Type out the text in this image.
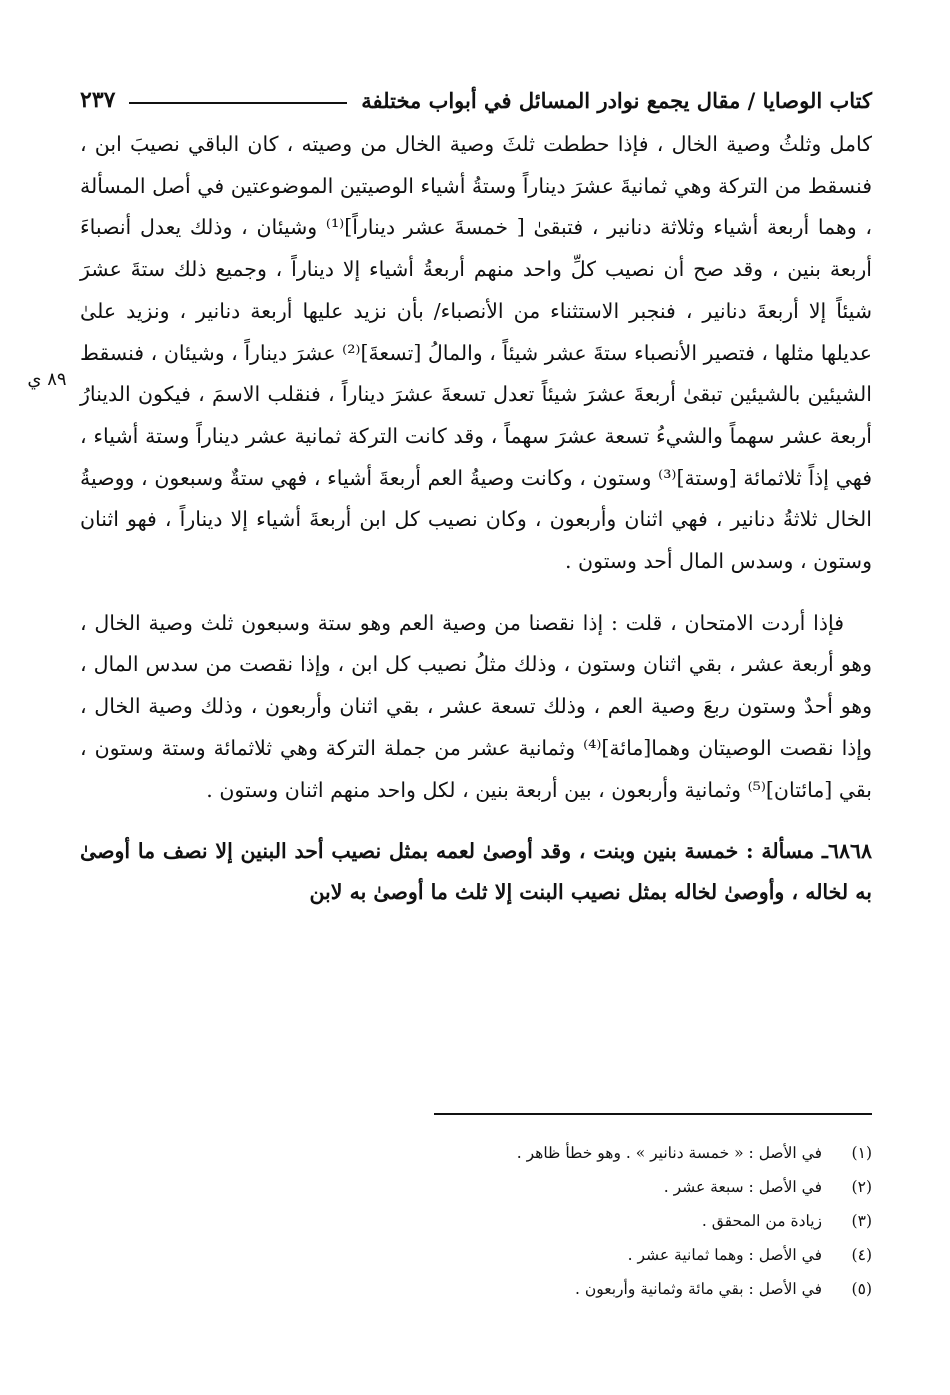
كتاب الوصايا / مقال يجمع نوادر المسائل في أبواب مختلفة
٢٣٧
٨٩ ي

كامل وثلثُ وصية الخال ، فإذا حططت ثلثَ وصية الخال من وصيته ، كان الباقي نصيبَ ابن ، فنسقط من التركة وهي ثمانيةَ عشرَ ديناراً وستةُ أشياء الوصيتين الموضوعتين في أصل المسألة ، وهما أربعة أشياء وثلاثة دنانير ، فتبقىٰ [ خمسةَ عشر ديناراً]⁽¹⁾ وشيئان ، وذلك يعدل أنصباءَ أربعة بنين ، وقد صح أن نصيب كلِّ واحد منهم أربعةُ أشياء إلا ديناراً ، وجميع ذلك ستةَ عشرَ شيئاً إلا أربعةَ دنانير ، فنجبر الاستثناء من الأنصباء/ بأن نزيد عليها أربعة دنانير ، ونزيد علىٰ عديلها مثلها ، فتصير الأنصباء ستةَ عشر شيئاً ، والمالُ [تسعةَ]⁽²⁾ عشرَ ديناراً ، وشيئان ، فنسقط الشيئين بالشيئين تبقىٰ أربعةَ عشرَ شيئاً تعدل تسعةَ عشرَ ديناراً ، فنقلب الاسمَ ، فيكون الدينارُ أربعة عشر سهماً والشيءُ تسعة عشرَ سهماً ، وقد كانت التركة ثمانية عشر ديناراً وستة أشياء ، فهي إذاً ثلاثمائة [وستة]⁽³⁾ وستون ، وكانت وصيةُ العم أربعةَ أشياء ، فهي ستةٌ وسبعون ، ووصيةُ الخال ثلاثةُ دنانير ، فهي اثنان وأربعون ، وكان نصيب كل ابن أربعةَ أشياء إلا ديناراً ، فهو اثنان وستون ، وسدس المال أحد وستون .

فإذا أردت الامتحان ، قلت : إذا نقصنا من وصية العم وهو ستة وسبعون ثلث وصية الخال ، وهو أربعة عشر ، بقي اثنان وستون ، وذلك مثلُ نصيب كل ابن ، وإذا نقصت من سدس المال ، وهو أحدٌ وستون ربعَ وصية العم ، وذلك تسعة عشر ، بقي اثنان وأربعون ، وذلك وصية الخال ، وإذا نقصت الوصيتان وهما[مائة]⁽⁴⁾ وثمانية عشر من جملة التركة وهي ثلاثمائة وستة وستون ، بقي [مائتان]⁽⁵⁾ وثمانية وأربعون ، بين أربعة بنين ، لكل واحد منهم اثنان وستون .

٦٨٦٨ـ مسألة : خمسة بنين وبنت ، وقد أوصىٰ لعمه بمثل نصيب أحد البنين إلا نصف ما أوصىٰ به لخاله ، وأوصىٰ لخاله بمثل نصيب البنت إلا ثلث ما أوصىٰ به لابن

(١)
في الأصل : « خمسة دنانير » . وهو خطأ ظاهر .
(٢)
في الأصل : سبعة عشر .
(٣)
زيادة من المحقق .
(٤)
في الأصل : وهما ثمانية عشر .
(٥)
في الأصل : بقي مائة وثمانية وأربعون .
